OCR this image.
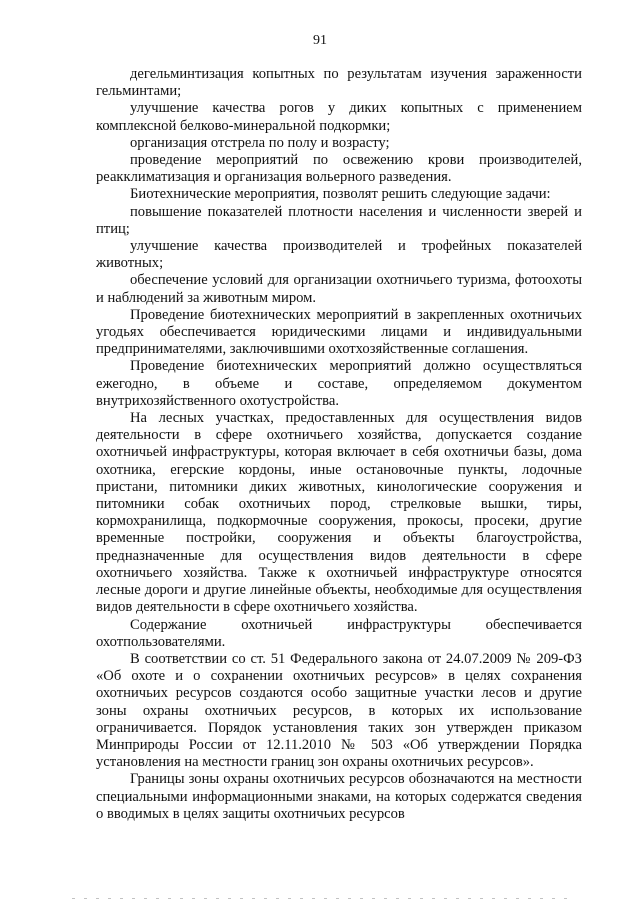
91

дегельминтизация копытных по результатам изучения зараженности гельминтами;

улучшение качества рогов у диких копытных с применением комплексной белково-минеральной подкормки;

организация отстрела по полу и возрасту;

проведение мероприятий по освежению крови производителей, реакклиматизация и организация вольерного разведения.

Биотехнические мероприятия, позволят решить следующие задачи:

повышение показателей плотности населения и численности зверей и птиц;

улучшение качества производителей и трофейных показателей животных;

обеспечение условий для организации охотничьего туризма, фотоохоты и наблюдений за животным миром.

Проведение биотехнических мероприятий в закрепленных охотничьих угодьях обеспечивается юридическими лицами и индивидуальными предпринимателями, заключившими охотхозяйственные соглашения.

Проведение биотехнических мероприятий должно осуществляться ежегодно, в объеме и составе, определяемом документом внутрихозяйственного охотустройства.

На лесных участках, предоставленных для осуществления видов деятельности в сфере охотничьего хозяйства, допускается создание охотничьей инфраструктуры, которая включает в себя охотничьи базы, дома охотника, егерские кордоны, иные остановочные пункты, лодочные пристани, питомники диких животных, кинологические сооружения и питомники собак охотничьих пород, стрелковые вышки, тиры, кормохранилища, подкормочные сооружения, прокосы, просеки, другие временные постройки, сооружения и объекты благоустройства, предназначенные для осуществления видов деятельности в сфере охотничьего хозяйства. Также к охотничьей инфраструктуре относятся лесные дороги и другие линейные объекты, необходимые для осуществления видов деятельности в сфере охотничьего хозяйства.

Содержание охотничьей инфраструктуры обеспечивается охотпользователями.

В соответствии со ст. 51 Федерального закона от 24.07.2009 № 209-ФЗ «Об охоте и о сохранении охотничьих ресурсов» в целях сохранения охотничьих ресурсов создаются особо защитные участки лесов и другие зоны охраны охотничьих ресурсов, в которых их использование ограничивается. Порядок установления таких зон утвержден приказом Минприроды России от 12.11.2010 № 503 «Об утверждении Порядка установления на местности границ зон охраны охотничьих ресурсов».

Границы зоны охраны охотничьих ресурсов обозначаются на местности специальными информационными знаками, на которых содержатся сведения о вводимых в целях защиты охотничьих ресурсов
